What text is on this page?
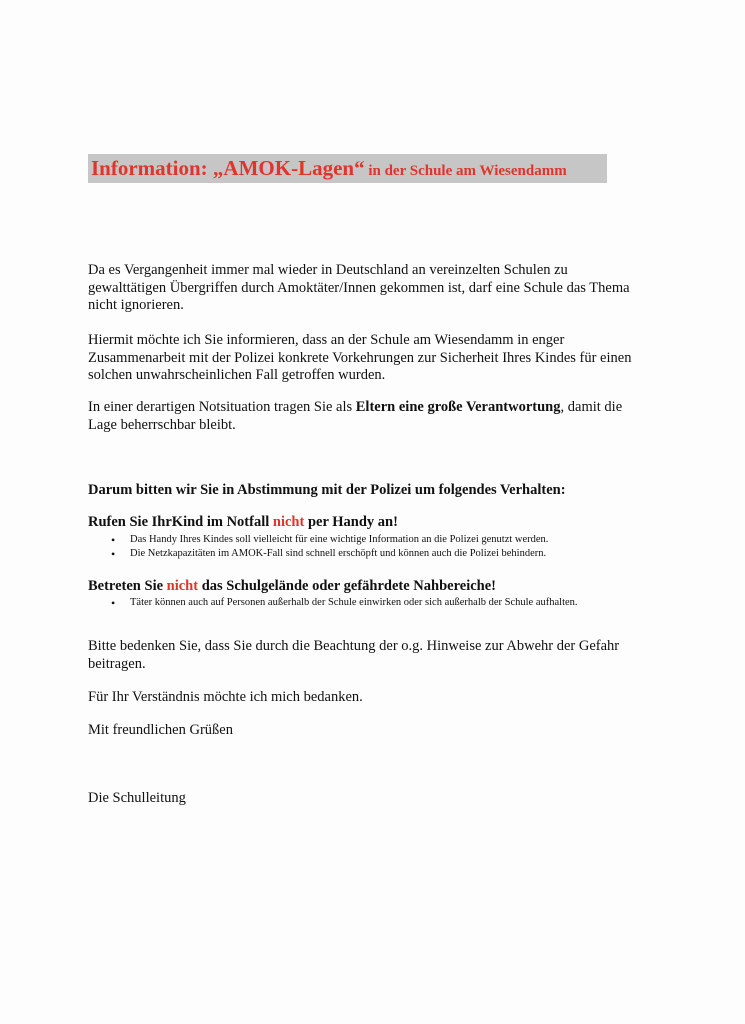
Information: „AMOK-Lagen“ in der Schule am Wiesendamm
Da es Vergangenheit immer mal wieder in Deutschland an vereinzelten Schulen zu gewalttätigen Übergriffen durch Amoktäter/Innen gekommen ist, darf eine Schule das Thema nicht ignorieren.
Hiermit möchte ich Sie informieren, dass an der Schule am Wiesendamm in enger Zusammenarbeit mit der Polizei konkrete Vorkehrungen zur Sicherheit Ihres Kindes für einen solchen unwahrscheinlichen Fall getroffen wurden.
In einer derartigen Notsituation tragen Sie als Eltern eine große Verantwortung, damit die Lage beherrschbar bleibt.
Darum bitten wir Sie in Abstimmung mit der Polizei um folgendes Verhalten:
Rufen Sie IhrKind im Notfall nicht per Handy an!
• Das Handy Ihres Kindes soll vielleicht für eine wichtige Information an die Polizei genutzt werden.
• Die Netzkapazitäten im AMOK-Fall sind schnell erschöpft und können auch die Polizei behindern.
Betreten Sie nicht das Schulgelände oder gefährdete Nahbereiche!
• Täter können auch auf Personen außerhalb der Schule einwirken oder sich außerhalb der Schule aufhalten.
Bitte bedenken Sie, dass Sie durch die Beachtung der o.g. Hinweise zur Abwehr der Gefahr beitragen.
Für Ihr Verständnis möchte ich mich bedanken.
Mit freundlichen Grüßen
Die Schulleitung
